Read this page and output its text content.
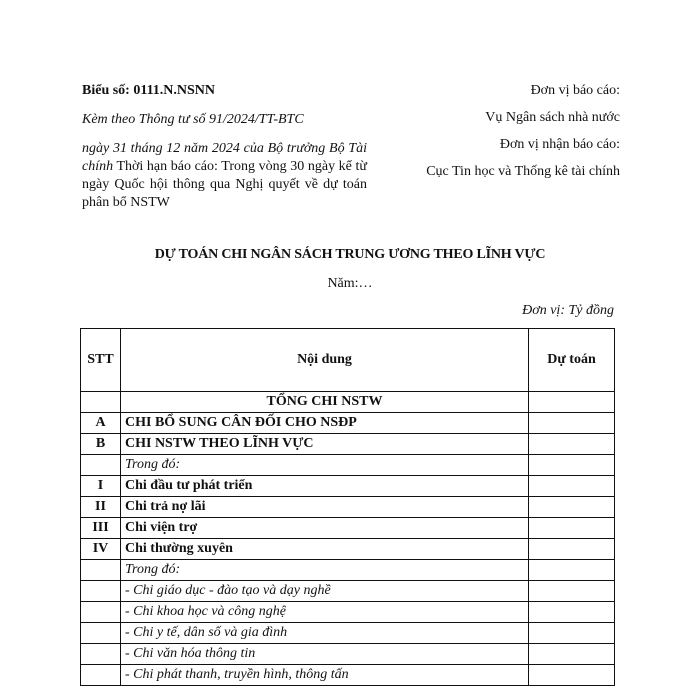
Biểu số: 0111.N.NSNN
Kèm theo Thông tư số 91/2024/TT-BTC
ngày 31 tháng 12 năm 2024 của Bộ trưởng Bộ Tài chính Thời hạn báo cáo: Trong vòng 30 ngày kể từ ngày Quốc hội thông qua Nghị quyết về dự toán phân bổ NSTW
Đơn vị báo cáo:
Vụ Ngân sách nhà nước
Đơn vị nhận báo cáo:
Cục Tin học và Thống kê tài chính
DỰ TOÁN CHI NGÂN SÁCH TRUNG ƯƠNG THEO LĨNH VỰC
Năm:…
Đơn vị: Tỷ đồng
STT	Nội dung	Dự toán
	TỔNG CHI NSTW	
A	CHI BỔ SUNG CÂN ĐỐI CHO NSĐP	
B	CHI NSTW THEO LĨNH VỰC	
	Trong đó:	
I	Chi đầu tư phát triển	
II	Chi trả nợ lãi	
III	Chi viện trợ	
IV	Chi thường xuyên	
	Trong đó:	
	- Chi giáo dục - đào tạo và dạy nghề	
	- Chi khoa học và công nghệ	
	- Chi y tế, dân số và gia đình	
	- Chi văn hóa thông tin	
	- Chi phát thanh, truyền hình, thông tấn	
